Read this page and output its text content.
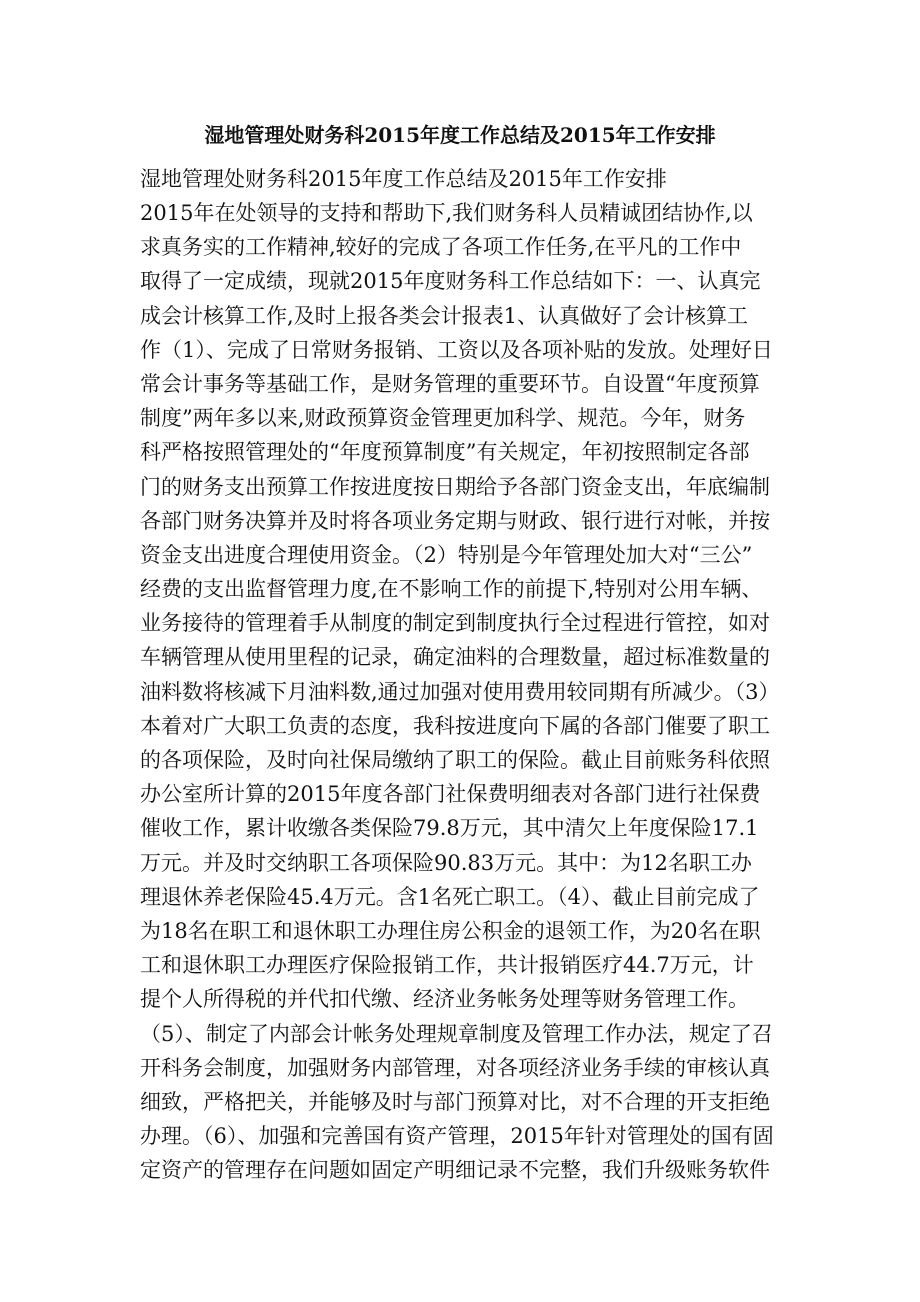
湿地管理处财务科2015年度工作总结及2015年工作安排

湿地管理处财务科2015年度工作总结及2015年工作安排

2015年在处领导的支持和帮助下,我们财务科人员精诚团结协作,以
求真务实的工作精神,较好的完成了各项工作任务,在平凡的工作中
取得了一定成绩，现就2015年度财务科工作总结如下：一、认真完
成会计核算工作,及时上报各类会计报表1、认真做好了会计核算工
作（1）、完成了日常财务报销、工资以及各项补贴的发放。处理好日
常会计事务等基础工作，是财务管理的重要环节。自设置“年度预算
制度”两年多以来,财政预算资金管理更加科学、规范。今年，财务
科严格按照管理处的“年度预算制度”有关规定，年初按照制定各部
门的财务支出预算工作按进度按日期给予各部门资金支出，年底编制
各部门财务决算并及时将各项业务定期与财政、银行进行对帐，并按
资金支出进度合理使用资金。（2）特别是今年管理处加大对“三公”
经费的支出监督管理力度,在不影响工作的前提下,特别对公用车辆、
业务接待的管理着手从制度的制定到制度执行全过程进行管控，如对
车辆管理从使用里程的记录，确定油料的合理数量，超过标准数量的
油料数将核减下月油料数,通过加强对使用费用较同期有所减少。（3）
本着对广大职工负责的态度，我科按进度向下属的各部门催要了职工
的各项保险，及时向社保局缴纳了职工的保险。截止目前账务科依照
办公室所计算的2015年度各部门社保费明细表对各部门进行社保费
催收工作，累计收缴各类保险79.8万元，其中清欠上年度保险17.1
万元。并及时交纳职工各项保险90.83万元。其中：为12名职工办
理退休养老保险45.4万元。含1名死亡职工。（4）、截止目前完成了
为18名在职工和退休职工办理住房公积金的退领工作，为20名在职
工和退休职工办理医疗保险报销工作，共计报销医疗44.7万元，计
提个人所得税的并代扣代缴、经济业务帐务处理等财务管理工作。
（5）、制定了内部会计帐务处理规章制度及管理工作办法，规定了召
开科务会制度，加强财务内部管理，对各项经济业务手续的审核认真
细致，严格把关，并能够及时与部门预算对比，对不合理的开支拒绝
办理。（6）、加强和完善国有资产管理，2015年针对管理处的国有固
定资产的管理存在问题如固定产明细记录不完整，我们升级账务软件
